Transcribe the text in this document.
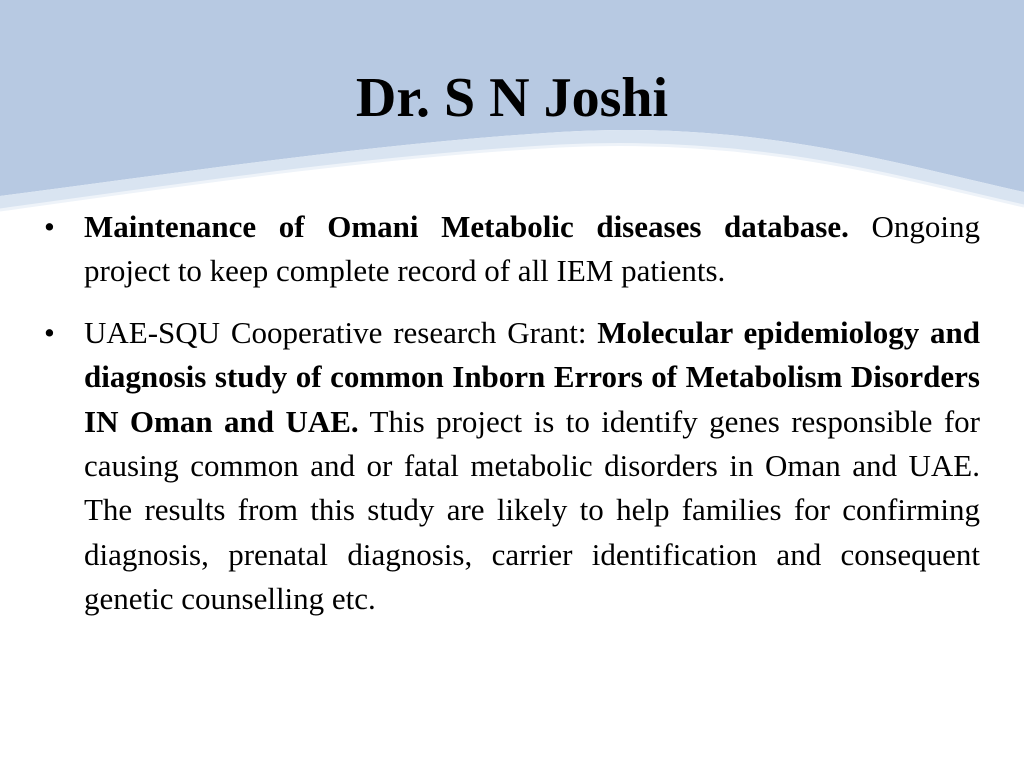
Dr. S N Joshi
• Maintenance of Omani Metabolic diseases database. Ongoing project to keep complete record of all IEM patients.
• UAE-SQU Cooperative research Grant: Molecular epidemiology and diagnosis study of common Inborn Errors of Metabolism Disorders IN Oman and UAE. This project is to identify genes responsible for causing common and or fatal metabolic disorders in Oman and UAE. The results from this study are likely to help families for confirming diagnosis, prenatal diagnosis, carrier identification and consequent genetic counselling etc.
